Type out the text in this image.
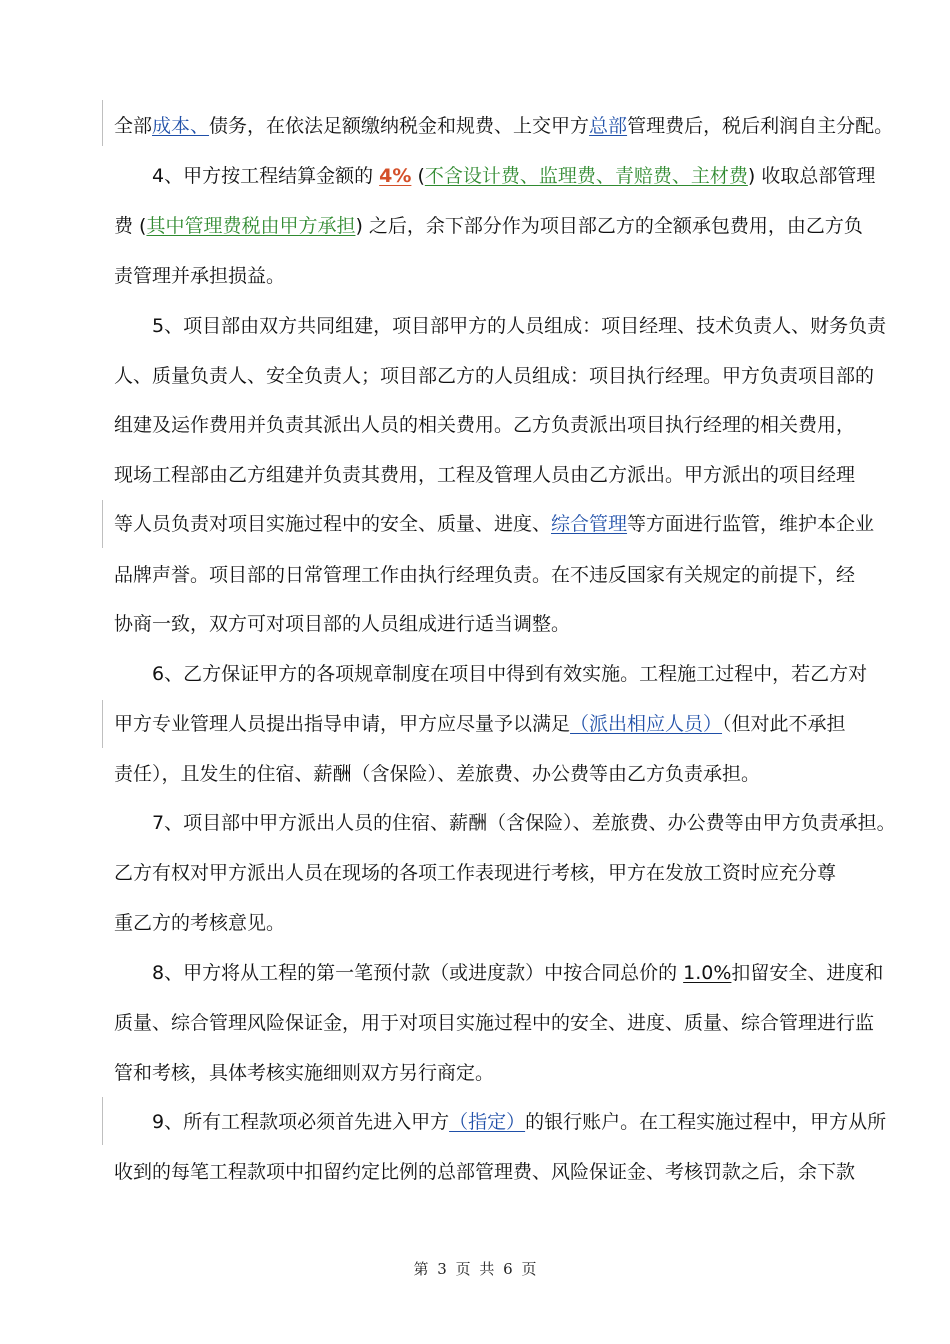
全部成本、债务，在依法足额缴纳税金和规费、上交甲方总部管理费后，税后利润自主分配。
4、甲方按工程结算金额的 4% (不含设计费、监理费、青赔费、主材费) 收取总部管理
费 (其中管理费税由甲方承担) 之后，余下部分作为项目部乙方的全额承包费用，由乙方负
责管理并承担损益。
5、项目部由双方共同组建，项目部甲方的人员组成：项目经理、技术负责人、财务负责
人、质量负责人、安全负责人；项目部乙方的人员组成：项目执行经理。甲方负责项目部的
组建及运作费用并负责其派出人员的相关费用。乙方负责派出项目执行经理的相关费用，
现场工程部由乙方组建并负责其费用，工程及管理人员由乙方派出。甲方派出的项目经理
等人员负责对项目实施过程中的安全、质量、进度、综合管理等方面进行监管，维护本企业
品牌声誉。项目部的日常管理工作由执行经理负责。在不违反国家有关规定的前提下，经
协商一致，双方可对项目部的人员组成进行适当调整。
6、乙方保证甲方的各项规章制度在项目中得到有效实施。工程施工过程中，若乙方对
甲方专业管理人员提出指导申请，甲方应尽量予以满足（派出相应人员）（但对此不承担
责任），且发生的住宿、薪酬（含保险）、差旅费、办公费等由乙方负责承担。
7、项目部中甲方派出人员的住宿、薪酬（含保险）、差旅费、办公费等由甲方负责承担。
乙方有权对甲方派出人员在现场的各项工作表现进行考核，甲方在发放工资时应充分尊
重乙方的考核意见。
8、甲方将从工程的第一笔预付款（或进度款）中按合同总价的 1.0%扣留安全、进度和
质量、综合管理风险保证金，用于对项目实施过程中的安全、进度、质量、综合管理进行监
管和考核，具体考核实施细则双方另行商定。
9、所有工程款项必须首先进入甲方（指定）的银行账户。在工程实施过程中，甲方从所
收到的每笔工程款项中扣留约定比例的总部管理费、风险保证金、考核罚款之后，余下款
第 3 页 共 6 页
